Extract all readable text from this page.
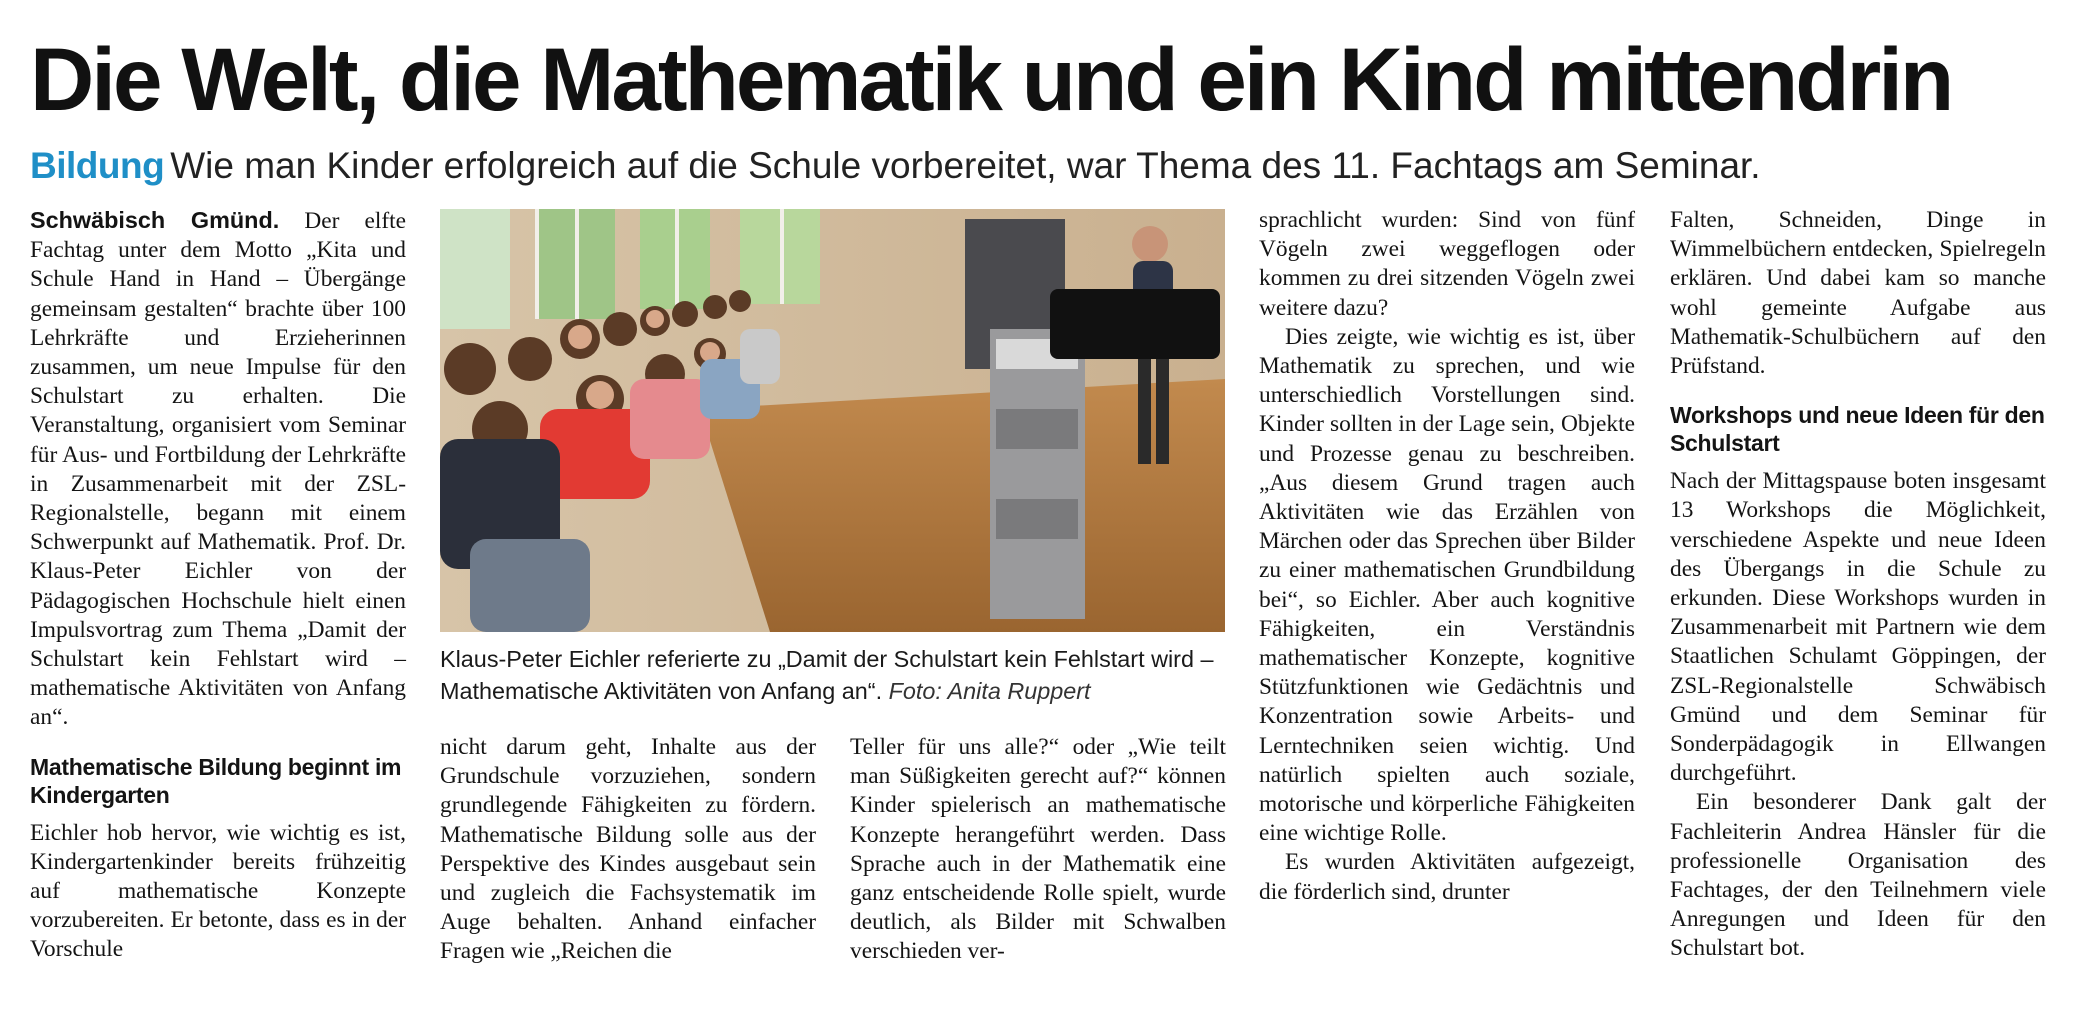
Die Welt, die Mathematik und ein Kind mittendrin
Bildung Wie man Kinder erfolgreich auf die Schule vorbereitet, war Thema des 11. Fachtags am Seminar.

Schwäbisch Gmünd. Der elfte Fachtag unter dem Motto „Kita und Schule Hand in Hand – Übergänge gemeinsam gestalten“ brachte über 100 Lehrkräfte und Erzieherinnen zusammen, um neue Impulse für den Schulstart zu erhalten. Die Veranstaltung, organisiert vom Seminar für Aus- und Fortbildung der Lehrkräfte in Zusammenarbeit mit der ZSL-Regionalstelle, begann mit einem Schwerpunkt auf Mathematik. Prof. Dr. Klaus-Peter Eichler von der Pädagogischen Hochschule hielt einen Impulsvortrag zum Thema „Damit der Schulstart kein Fehlstart wird – mathematische Aktivitäten von Anfang an“.

Mathematische Bildung beginnt im Kindergarten

Eichler hob hervor, wie wichtig es ist, Kindergartenkinder bereits frühzeitig auf mathematische Konzepte vorzubereiten. Er betonte, dass es in der Vorschule

Klaus-Peter Eichler referierte zu „Damit der Schulstart kein Fehlstart wird – Mathematische Aktivitäten von Anfang an“. Foto: Anita Ruppert

nicht darum geht, Inhalte aus der Grundschule vorzuziehen, sondern grundlegende Fähigkeiten zu fördern. Mathematische Bildung solle aus der Perspektive des Kindes ausgebaut sein und zugleich die Fachsystematik im Auge behalten. Anhand einfacher Fragen wie „Reichen die

Teller für uns alle?“ oder „Wie teilt man Süßigkeiten gerecht auf?“ können Kinder spielerisch an mathematische Konzepte herangeführt werden. Dass Sprache auch in der Mathematik eine ganz entscheidende Rolle spielt, wurde deutlich, als Bilder mit Schwalben verschieden ver-

sprachlicht wurden: Sind von fünf Vögeln zwei weggeflogen oder kommen zu drei sitzenden Vögeln zwei weitere dazu?

Dies zeigte, wie wichtig es ist, über Mathematik zu sprechen, und wie unterschiedlich Vorstellungen sind. Kinder sollten in der Lage sein, Objekte und Prozesse genau zu beschreiben. „Aus diesem Grund tragen auch Aktivitäten wie das Erzählen von Märchen oder das Sprechen über Bilder zu einer mathematischen Grundbildung bei“, so Eichler. Aber auch kognitive Fähigkeiten, ein Verständnis mathematischer Konzepte, kognitive Stützfunktionen wie Gedächtnis und Konzentration sowie Arbeits- und Lerntechniken seien wichtig. Und natürlich spielten auch soziale, motorische und körperliche Fähigkeiten eine wichtige Rolle.

Es wurden Aktivitäten aufgezeigt, die förderlich sind, drunter

Falten, Schneiden, Dinge in Wimmelbüchern entdecken, Spielregeln erklären. Und dabei kam so manche wohl gemeinte Aufgabe aus Mathematik-Schulbüchern auf den Prüfstand.

Workshops und neue Ideen für den Schulstart

Nach der Mittagspause boten insgesamt 13 Workshops die Möglichkeit, verschiedene Aspekte und neue Ideen des Übergangs in die Schule zu erkunden. Diese Workshops wurden in Zusammenarbeit mit Partnern wie dem Staatlichen Schulamt Göppingen, der ZSL-Regionalstelle Schwäbisch Gmünd und dem Seminar für Sonderpädagogik in Ellwangen durchgeführt.

Ein besonderer Dank galt der Fachleiterin Andrea Hänsler für die professionelle Organisation des Fachtages, der den Teilnehmern viele Anregungen und Ideen für den Schulstart bot.
